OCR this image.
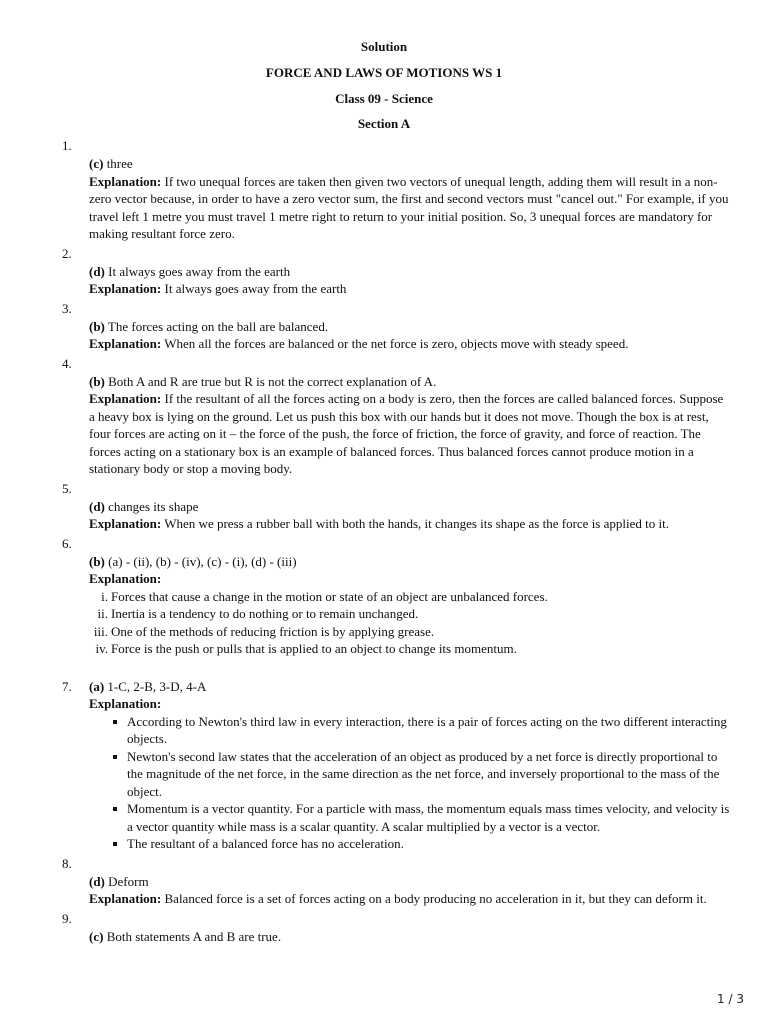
Solution
FORCE AND LAWS OF MOTIONS WS 1
Class 09 - Science
Section A
1.
(c) three
Explanation: If two unequal forces are taken then given two vectors of unequal length, adding them will result in a non-zero vector because, in order to have a zero vector sum, the first and second vectors must "cancel out." For example, if you travel left 1 metre you must travel 1 metre right to return to your initial position. So, 3 unequal forces are mandatory for making resultant force zero.
2.
(d) It always goes away from the earth
Explanation: It always goes away from the earth
3.
(b) The forces acting on the ball are balanced.
Explanation: When all the forces are balanced or the net force is zero, objects move with steady speed.
4.
(b) Both A and R are true but R is not the correct explanation of A.
Explanation: If the resultant of all the forces acting on a body is zero, then the forces are called balanced forces. Suppose a heavy box is lying on the ground. Let us push this box with our hands but it does not move. Though the box is at rest, four forces are acting on it – the force of the push, the force of friction, the force of gravity, and force of reaction. The forces acting on a stationary box is an example of balanced forces. Thus balanced forces cannot produce motion in a stationary body or stop a moving body.
5.
(d) changes its shape
Explanation: When we press a rubber ball with both the hands, it changes its shape as the force is applied to it.
6.
(b) (a) - (ii), (b) - (iv), (c) - (i), (d) - (iii)
Explanation:
i. Forces that cause a change in the motion or state of an object are unbalanced forces.
ii. Inertia is a tendency to do nothing or to remain unchanged.
iii. One of the methods of reducing friction is by applying grease.
iv. Force is the push or pulls that is applied to an object to change its momentum.
7.	(a) 1-C, 2-B, 3-D, 4-A
Explanation:
According to Newton's third law in every interaction, there is a pair of forces acting on the two different interacting objects.
Newton's second law states that the acceleration of an object as produced by a net force is directly proportional to the magnitude of the net force, in the same direction as the net force, and inversely proportional to the mass of the object.
Momentum is a vector quantity. For a particle with mass, the momentum equals mass times velocity, and velocity is a vector quantity while mass is a scalar quantity. A scalar multiplied by a vector is a vector.
The resultant of a balanced force has no acceleration.
8.
(d) Deform
Explanation: Balanced force is a set of forces acting on a body producing no acceleration in it, but they can deform it.
9.
(c) Both statements A and B are true.
1 / 3
